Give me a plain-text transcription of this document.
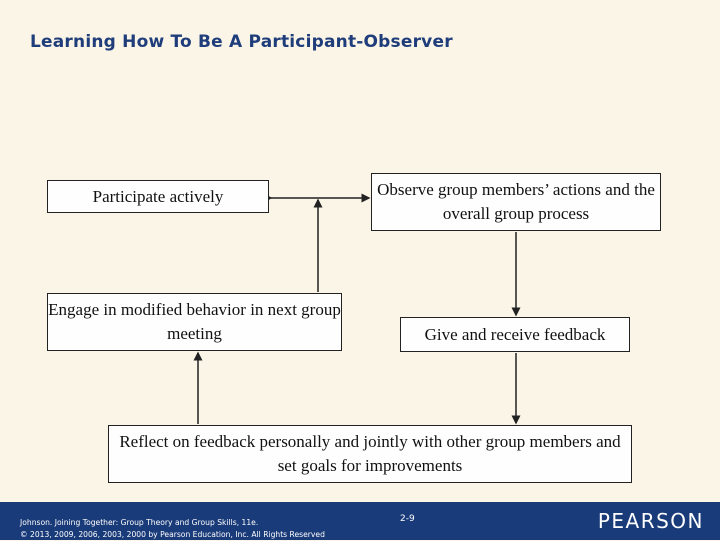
Learning How To Be A Participant-Observer
Participate actively	Observe group members’ actions and the overall group process
Engage in modified behavior in next group meeting	Give and receive feedback
Reflect on feedback personally and jointly with other group members and set goals for improvements
Johnson. Joining Together: Group Theory and Group Skills, 11e.
© 2013, 2009, 2006, 2003, 2000 by Pearson Education, Inc. All Rights Reserved
2-9	PEARSON
